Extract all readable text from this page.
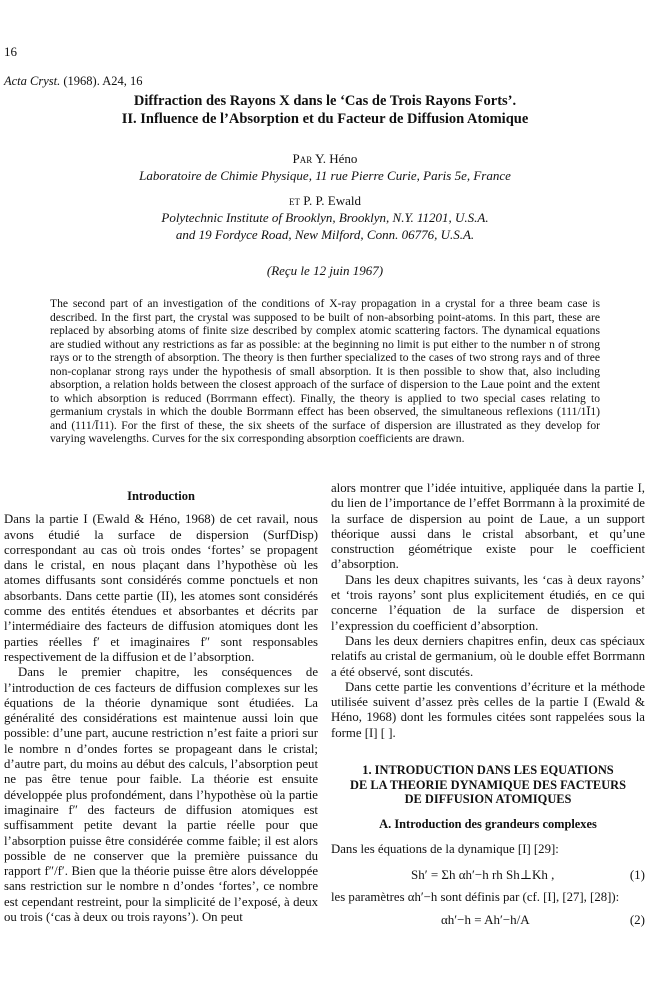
16
Acta Cryst. (1968). A24, 16
Diffraction des Rayons X dans le ‘Cas de Trois Rayons Forts’.
II. Influence de l’Absorption et du Facteur de Diffusion Atomique
Par Y. Héno
Laboratoire de Chimie Physique, 11 rue Pierre Curie, Paris 5e, France
et P. P. Ewald
Polytechnic Institute of Brooklyn, Brooklyn, N.Y. 11201, U.S.A.
and 19 Fordyce Road, New Milford, Conn. 06776, U.S.A.
(Reçu le 12 juin 1967)
The second part of an investigation of the conditions of X-ray propagation in a crystal for a three beam case is described. In the first part, the crystal was supposed to be built of non-absorbing point-atoms. In this part, these are replaced by absorbing atoms of finite size described by complex atomic scattering factors. The dynamical equations are studied without any restrictions as far as possible: at the beginning no limit is put either to the number n of strong rays or to the strength of absorption. The theory is then further specialized to the cases of two strong rays and of three non-coplanar strong rays under the hypothesis of small absorption. It is then possible to show that, also including absorption, a relation holds between the closest approach of the surface of dispersion to the Laue point and the extent to which absorption is reduced (Borrmann effect). Finally, the theory is applied to two special cases relating to germanium crystals in which the double Borrmann effect has been observed, the simultaneous reflexions (111/1Ī1) and (111/Ī11). For the first of these, the six sheets of the surface of dispersion are illustrated as they develop for varying wavelengths. Curves for the six corresponding absorption coefficients are drawn.
Introduction

Dans la partie I (Ewald & Héno, 1968) de cet ravail, nous avons étudié la surface de dispersion (SurfDisp) correspondant au cas où trois ondes ‘fortes’ se propagent dans le cristal, en nous plaçant dans l’hypothèse où les atomes diffusants sont considérés comme ponctuels et non absorbants. Dans cette partie (II), les atomes sont considérés comme des entités étendues et absorbantes et décrits par l’intermédiaire des facteurs de diffusion atomiques dont les parties réelles f′ et imaginaires f″ sont responsables respectivement de la diffusion et de l’absorption.

Dans le premier chapitre, les conséquences de l’introduction de ces facteurs de diffusion complexes sur les équations de la théorie dynamique sont étudiées. La généralité des considérations est maintenue aussi loin que possible: d’une part, aucune restriction n’est faite a priori sur le nombre n d’ondes fortes se propageant dans le cristal; d’autre part, du moins au début des calculs, l’absorption peut ne pas être tenue pour faible. La théorie est ensuite développée plus profondément, dans l’hypothèse où la partie imaginaire f″ des facteurs de diffusion atomiques est suffisamment petite devant la partie réelle pour que l’absorption puisse être considérée comme faible; il est alors possible de ne conserver que la première puissance du rapport f″/f′. Bien que la théorie puisse être alors développée sans restriction sur le nombre n d’ondes ‘fortes’, ce nombre est cependant restreint, pour la simplicité de l’exposé, à deux ou trois (‘cas à deux ou trois rayons’). On peut

alors montrer que l’idée intuitive, appliquée dans la partie I, du lien de l’importance de l’effet Borrmann à la proximité de la surface de dispersion au point de Laue, a un support théorique aussi dans le cristal absorbant, et qu’une construction géométrique existe pour le coefficient d’absorption.

Dans les deux chapitres suivants, les ‘cas à deux rayons’ et ‘trois rayons’ sont plus explicitement étudiés, en ce qui concerne l’équation de la surface de dispersion et l’expression du coefficient d’absorption.

Dans les deux derniers chapitres enfin, deux cas spéciaux relatifs au cristal de germanium, où le double effet Borrmann a été observé, sont discutés.

Dans cette partie les conventions d’écriture et la méthode utilisée suivent d’assez près celles de la partie I (Ewald & Héno, 1968) dont les formules citées sont rappelées sous la forme [I] [ ].

1. INTRODUCTION DANS LES EQUATIONS
DE LA THEORIE DYNAMIQUE DES FACTEURS
DE DIFFUSION ATOMIQUES
A. Introduction des grandeurs complexes

Dans les équations de la dynamique [I] [29]:

Sh′ = Σh αh′−h rh Sh⊥Kh ,	(1)

les paramètres αh′−h sont définis par (cf. [I], [27], [28]):

αh′−h = Ah′−h/A	(2)
